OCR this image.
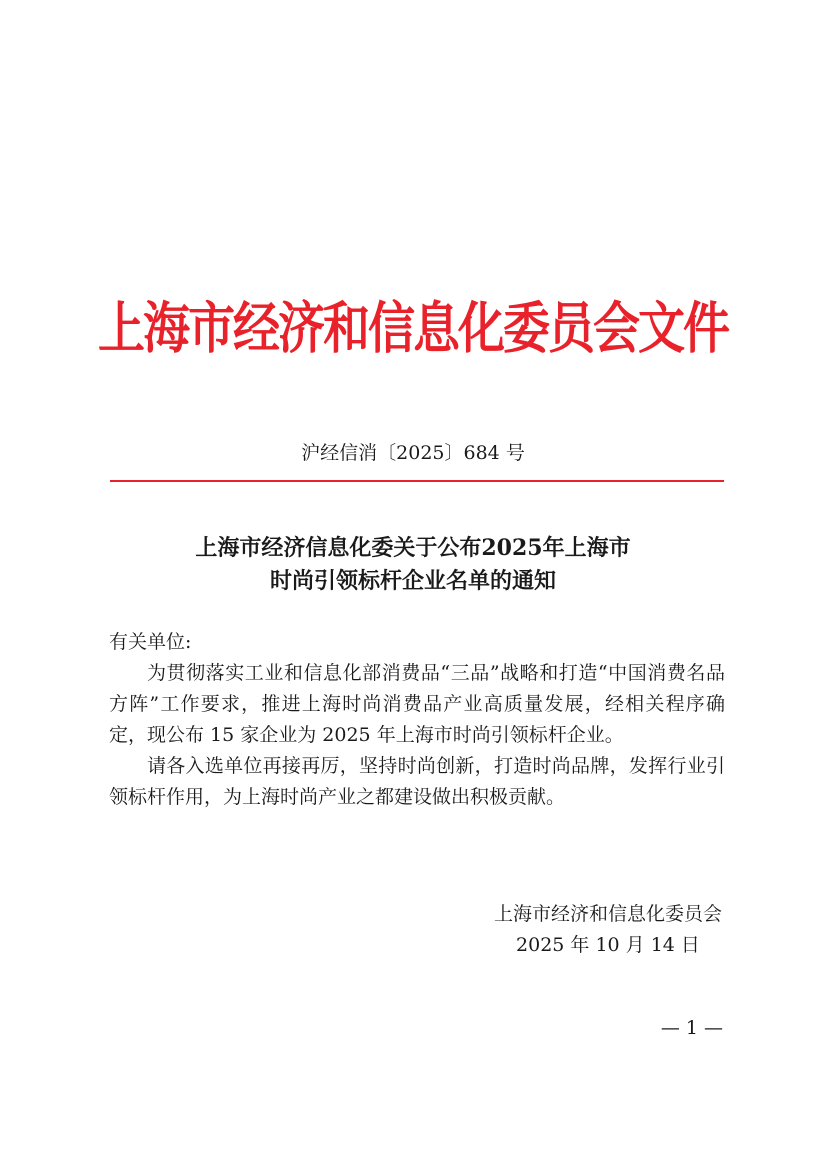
上海市经济和信息化委员会文件
沪经信消〔2025〕684 号
上海市经济信息化委关于公布2025年上海市
时尚引领标杆企业名单的通知

有关单位:

为贯彻落实工业和信息化部消费品“三品”战略和打造“中国消费名品方阵”工作要求，推进上海时尚消费品产业高质量发展，经相关程序确定，现公布 15 家企业为 2025 年上海市时尚引领标杆企业。

请各入选单位再接再厉，坚持时尚创新，打造时尚品牌，发挥行业引领标杆作用，为上海时尚产业之都建设做出积极贡献。

上海市经济和信息化委员会
2025 年 10 月 14 日
— 1 —
